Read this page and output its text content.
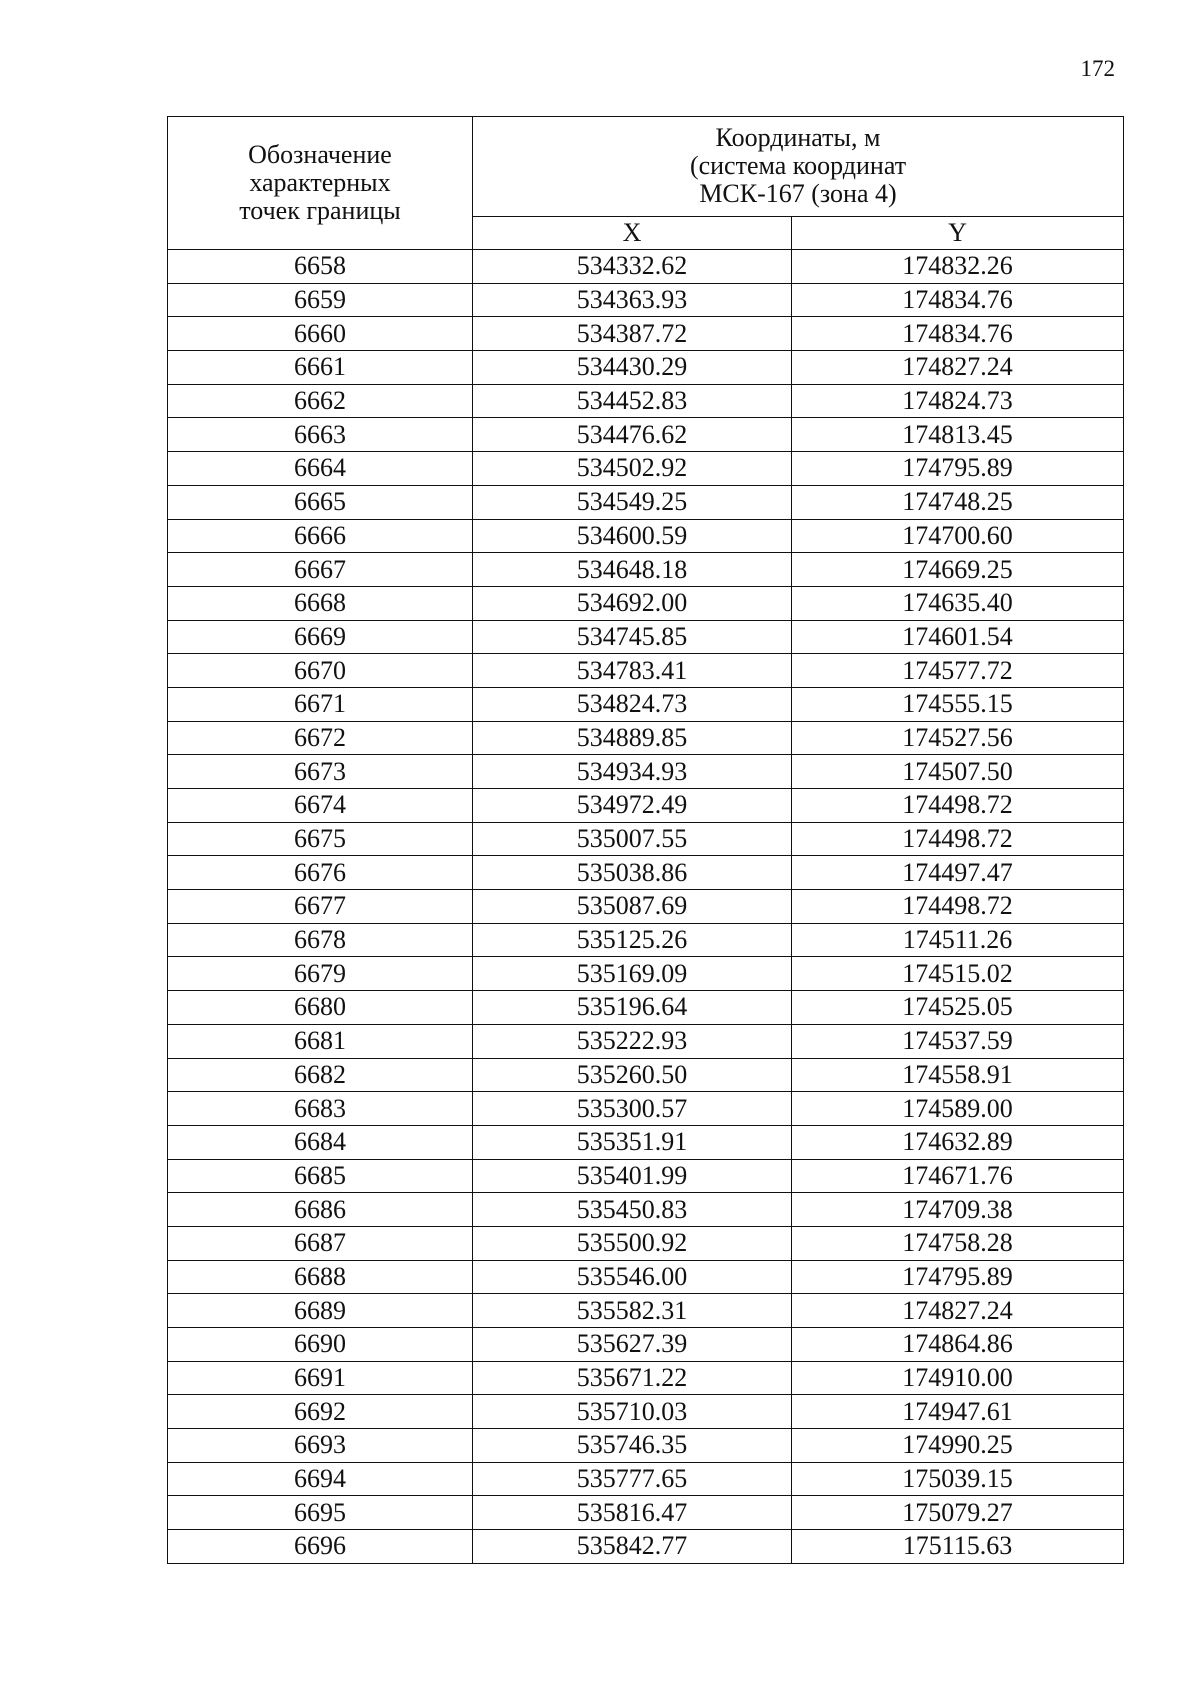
172
Обозначение
характерных
точек границы	Координаты, м
(система координат
МСК-167 (зона 4)	

	X	Y
6658	534332.62	174832.26
6659	534363.93	174834.76
6660	534387.72	174834.76
6661	534430.29	174827.24
6662	534452.83	174824.73
6663	534476.62	174813.45
6664	534502.92	174795.89
6665	534549.25	174748.25
6666	534600.59	174700.60
6667	534648.18	174669.25
6668	534692.00	174635.40
6669	534745.85	174601.54
6670	534783.41	174577.72
6671	534824.73	174555.15
6672	534889.85	174527.56
6673	534934.93	174507.50
6674	534972.49	174498.72
6675	535007.55	174498.72
6676	535038.86	174497.47
6677	535087.69	174498.72
6678	535125.26	174511.26
6679	535169.09	174515.02
6680	535196.64	174525.05
6681	535222.93	174537.59
6682	535260.50	174558.91
6683	535300.57	174589.00
6684	535351.91	174632.89
6685	535401.99	174671.76
6686	535450.83	174709.38
6687	535500.92	174758.28
6688	535546.00	174795.89
6689	535582.31	174827.24
6690	535627.39	174864.86
6691	535671.22	174910.00
6692	535710.03	174947.61
6693	535746.35	174990.25
6694	535777.65	175039.15
6695	535816.47	175079.27
6696	535842.77	175115.63
